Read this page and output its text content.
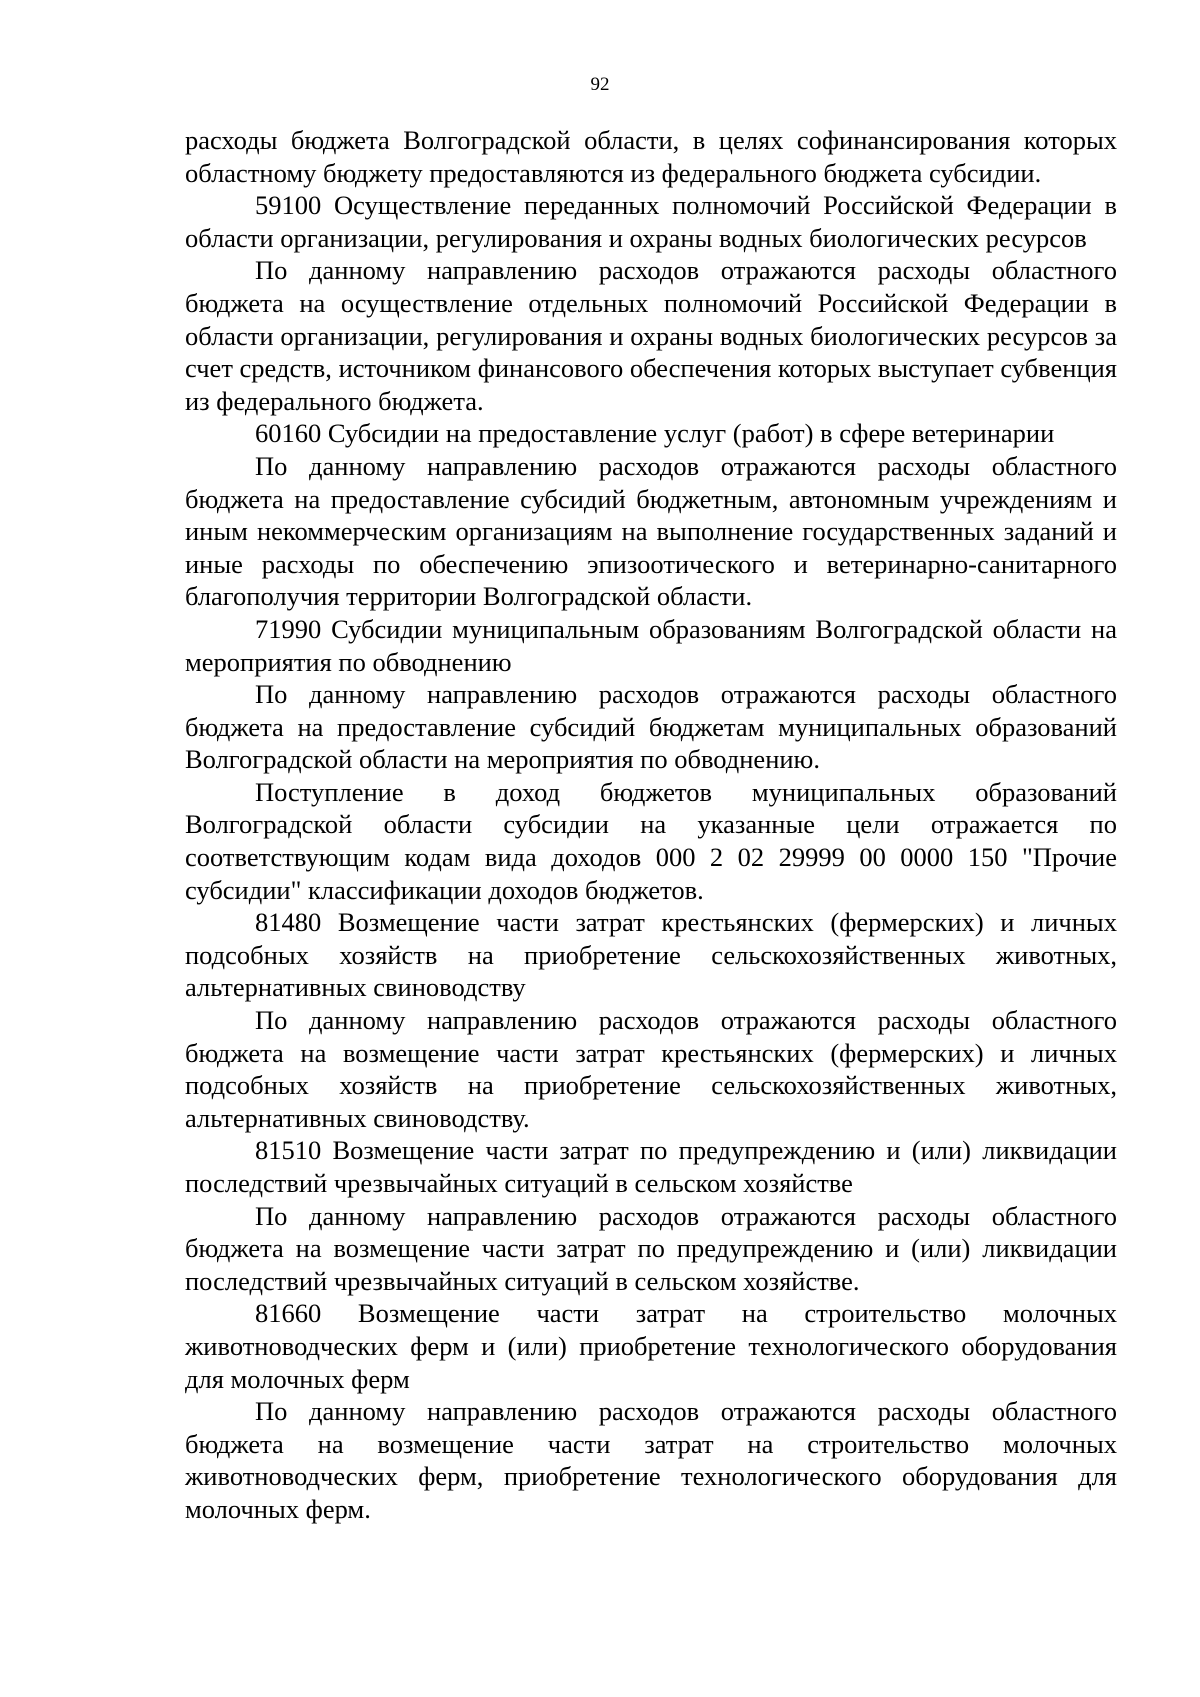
92

расходы бюджета Волгоградской области, в целях софинансирования которых областному бюджету предоставляются из федерального бюджета субсидии.

59100 Осуществление переданных полномочий Российской Федерации в области организации, регулирования и охраны водных биологических ресурсов

По данному направлению расходов отражаются расходы областного бюджета на осуществление отдельных полномочий Российской Федерации в области организации, регулирования и охраны водных биологических ресурсов за счет средств, источником финансового обеспечения которых выступает субвенция из федерального бюджета.

60160 Субсидии на предоставление услуг (работ) в сфере ветеринарии

По данному направлению расходов отражаются расходы областного бюджета на предоставление субсидий бюджетным, автономным учреждениям и иным некоммерческим организациям на выполнение государственных заданий и иные расходы по обеспечению эпизоотического и ветеринарно-санитарного благополучия территории Волгоградской области.

71990 Субсидии муниципальным образованиям Волгоградской области на мероприятия по обводнению

По данному направлению расходов отражаются расходы областного бюджета на предоставление субсидий бюджетам муниципальных образований Волгоградской области на мероприятия по обводнению.

Поступление в доход бюджетов муниципальных образований Волгоградской области субсидии на указанные цели отражается по соответствующим кодам вида доходов 000 2 02 29999 00 0000 150 "Прочие субсидии" классификации доходов бюджетов.

81480 Возмещение части затрат крестьянских (фермерских) и личных подсобных хозяйств на приобретение сельскохозяйственных животных, альтернативных свиноводству

По данному направлению расходов отражаются расходы областного бюджета на возмещение части затрат крестьянских (фермерских) и личных подсобных хозяйств на приобретение сельскохозяйственных животных, альтернативных свиноводству.

81510 Возмещение части затрат по предупреждению и (или) ликвидации последствий чрезвычайных ситуаций в сельском хозяйстве

По данному направлению расходов отражаются расходы областного бюджета на возмещение части затрат по предупреждению и (или) ликвидации последствий чрезвычайных ситуаций в сельском хозяйстве.

81660 Возмещение части затрат на строительство молочных животноводческих ферм и (или) приобретение технологического оборудования для молочных ферм

По данному направлению расходов отражаются расходы областного бюджета на возмещение части затрат на строительство молочных животноводческих ферм, приобретение технологического оборудования для молочных ферм.
